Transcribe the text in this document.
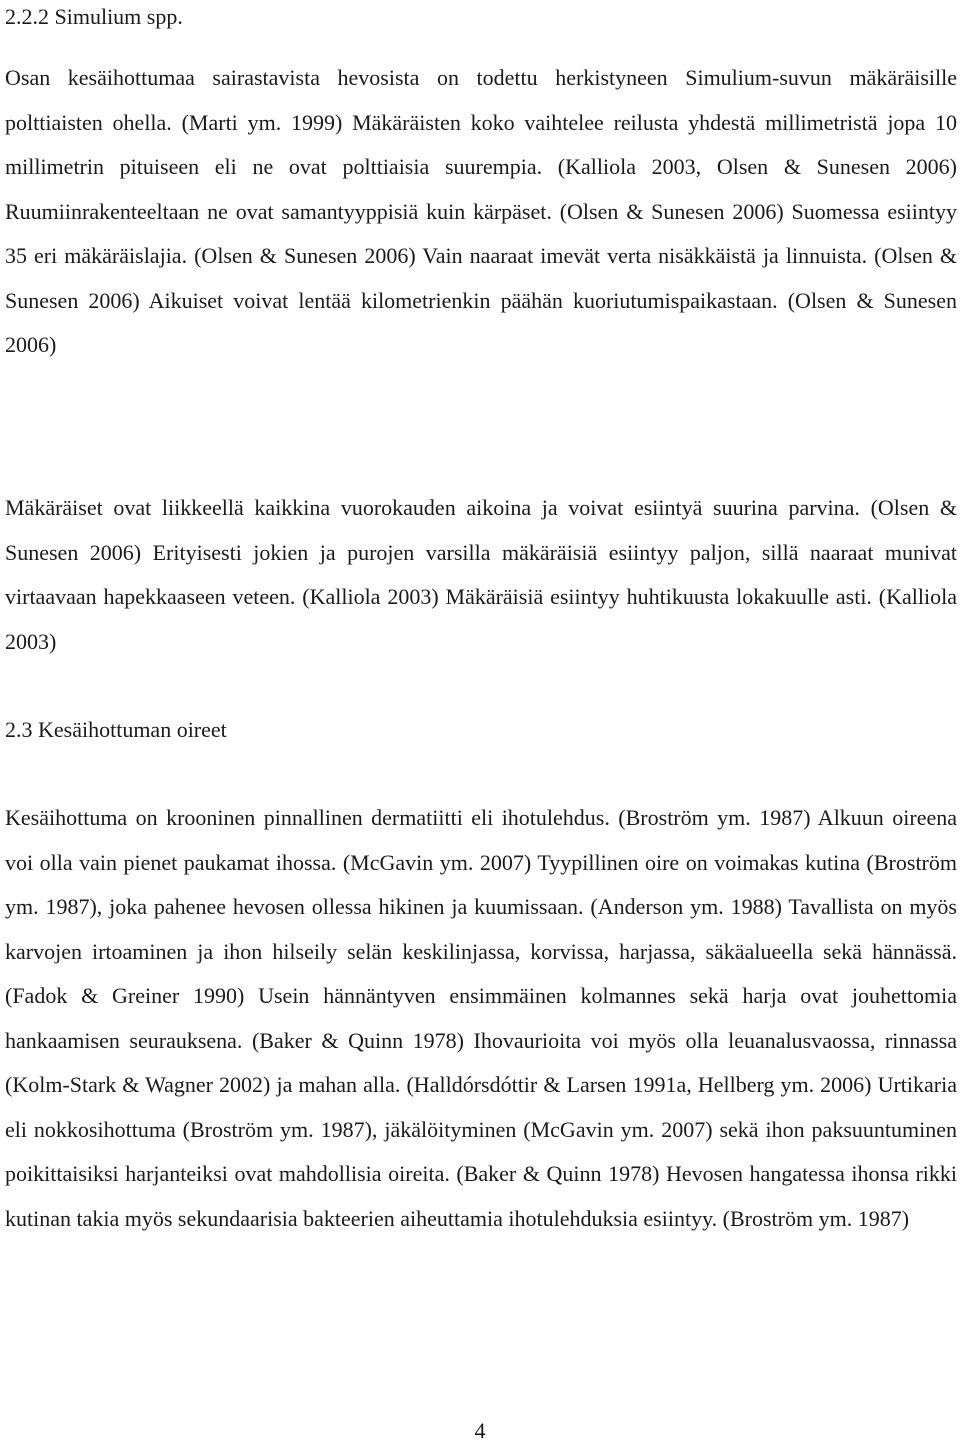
2.2.2 Simulium spp.

Osan kesäihottumaa sairastavista hevosista on todettu herkistyneen Simulium-suvun mäkäräisille polttiaisten ohella. (Marti ym. 1999) Mäkäräisten koko vaihtelee reilusta yhdestä millimetristä jopa 10 millimetrin pituiseen eli ne ovat polttiaisia suurempia. (Kalliola 2003, Olsen & Sunesen 2006) Ruumiinrakenteeltaan ne ovat samantyyppisiä kuin kärpäset. (Olsen & Sunesen 2006) Suomessa esiintyy 35 eri mäkäräislajia. (Olsen & Sunesen 2006) Vain naaraat imevät verta nisäkkäistä ja linnuista. (Olsen & Sunesen 2006) Aikuiset voivat lentää kilometrienkin päähän kuoriutumispaikastaan. (Olsen & Sunesen 2006)

Mäkäräiset ovat liikkeellä kaikkina vuorokauden aikoina ja voivat esiintyä suurina parvina. (Olsen & Sunesen 2006) Erityisesti jokien ja purojen varsilla mäkäräisiä esiintyy paljon, sillä naaraat munivat virtaavaan hapekkaaseen veteen. (Kalliola 2003) Mäkäräisiä esiintyy huhtikuusta lokakuulle asti. (Kalliola 2003)

2.3 Kesäihottuman oireet

Kesäihottuma on krooninen pinnallinen dermatiitti eli ihotulehdus. (Broström ym. 1987) Alkuun oireena voi olla vain pienet paukamat ihossa. (McGavin ym. 2007) Tyypillinen oire on voimakas kutina (Broström ym. 1987), joka pahenee hevosen ollessa hikinen ja kuumissaan. (Anderson ym. 1988) Tavallista on myös karvojen irtoaminen ja ihon hilseily selän keskilinjassa, korvissa, harjassa, säkäalueella sekä hännässä. (Fadok & Greiner 1990) Usein hännäntyven ensimmäinen kolmannes sekä harja ovat jouhettomia hankaamisen seurauksena. (Baker & Quinn 1978) Ihovaurioita voi myös olla leuanalusvaossa, rinnassa (Kolm-Stark & Wagner 2002) ja mahan alla. (Halldórsdóttir & Larsen 1991a, Hellberg ym. 2006) Urtikaria eli nokkosihottuma (Broström ym. 1987), jäkälöityminen (McGavin ym. 2007) sekä ihon paksuuntuminen poikittaisiksi harjanteiksi ovat mahdollisia oireita. (Baker & Quinn 1978) Hevosen hangatessa ihonsa rikki kutinan takia myös sekundaarisia bakteerien aiheuttamia ihotulehduksia esiintyy. (Broström ym. 1987)

4
